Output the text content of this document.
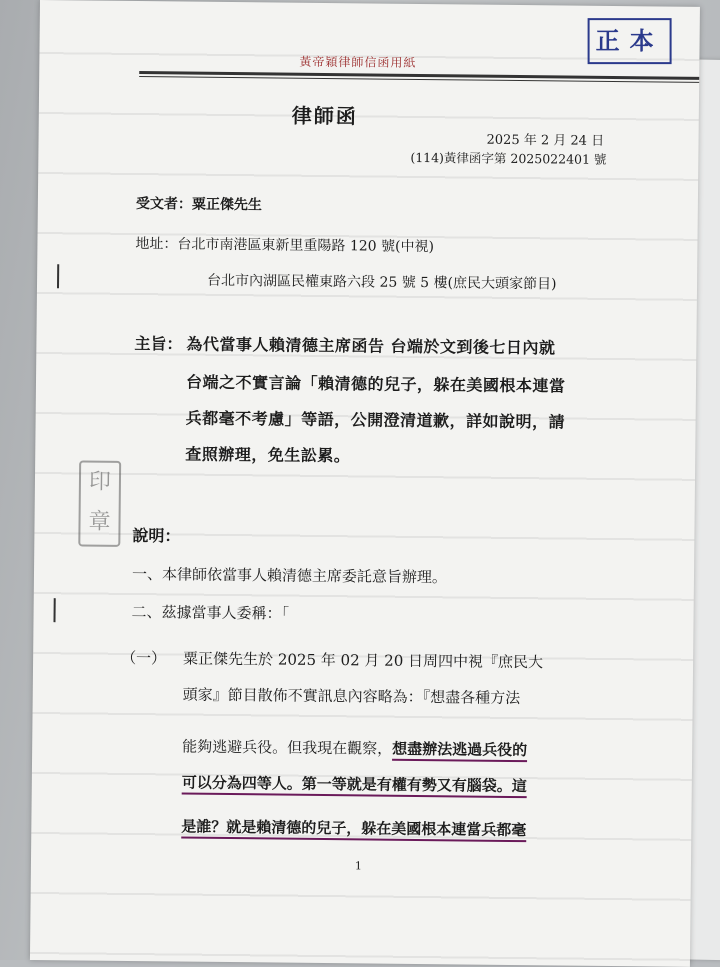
正本
黃帝穎律師信函用紙
律師函
2025 年 2 月 24 日
(114)黃律函字第 2025022401 號
受文者：粟正傑先生
地址： 台北市南港區東新里重陽路 120 號(中視)
台北市內湖區民權東路六段 25 號 5 樓(庶民大頭家節目)
印
章
主旨： 為代當事人賴清德主席函告 台端於文到後七日內就
台端之不實言論「賴清德的兒子，躲在美國根本連當
兵都毫不考慮」等語，公開澄清道歉，詳如說明，請
查照辦理，免生訟累。
說明：
一、本律師依當事人賴清德主席委託意旨辦理。
二、茲據當事人委稱：「
（一） 粟正傑先生於 2025 年 02 月 20 日周四中視『庶民大
頭家』節目散佈不實訊息內容略為：『想盡各種方法
能夠逃避兵役。但我現在觀察，想盡辦法逃過兵役的
可以分為四等人。第一等就是有權有勢又有腦袋。這
是誰？就是賴清德的兒子，躲在美國根本連當兵都毫
1
